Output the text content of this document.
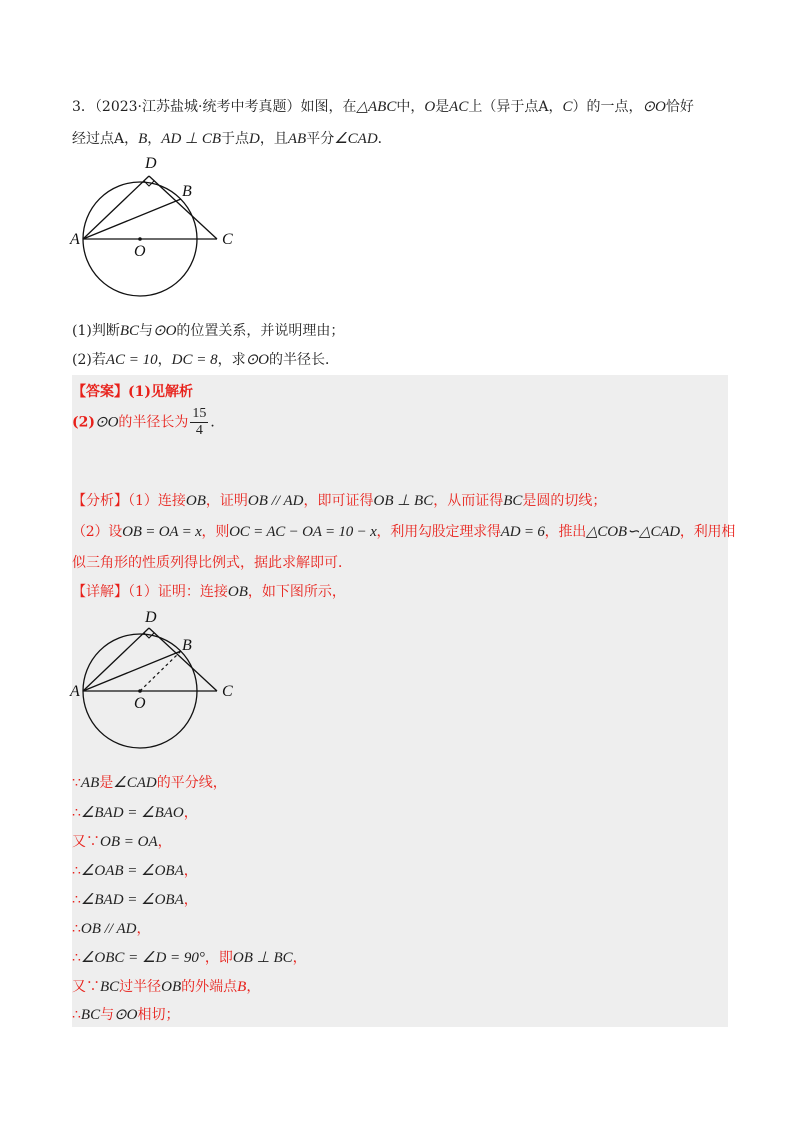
3．（2023·江苏盐城·统考中考真题）如图，在△ABC中，O是AC上（异于点A，C）的一点，⊙O恰好
经过点A，B，AD ⊥ CB于点D，且AB平分∠CAD．
D
B
A
O
C
(1)判断BC与⊙O的位置关系，并说明理由；
(2)若AC = 10，DC = 8，求⊙O的半径长．
【答案】(1)见解析
(2)⊙O的半径长为 $\frac{15}{4}$ ．
【分析】（1）连接OB，证明OB // AD，即可证得OB ⊥ BC，从而证得BC是圆的切线；
（2）设OB = OA = x，则OC = AC − OA = 10 − x，利用勾股定理求得AD = 6，推出△COB∽△CAD，利用相
似三角形的性质列得比例式，据此求解即可．
【详解】（1）证明：连接OB，如下图所示，
D
B
A
O
C
∵AB是∠CAD的平分线，
∴∠BAD = ∠BAO，
又∵OB = OA，
∴∠OAB = ∠OBA，
∴∠BAD = ∠OBA，
∴OB // AD，
∴∠OBC = ∠D = 90°，即OB ⊥ BC，
又∵BC过半径OB的外端点B，
∴BC与⊙O相切；
